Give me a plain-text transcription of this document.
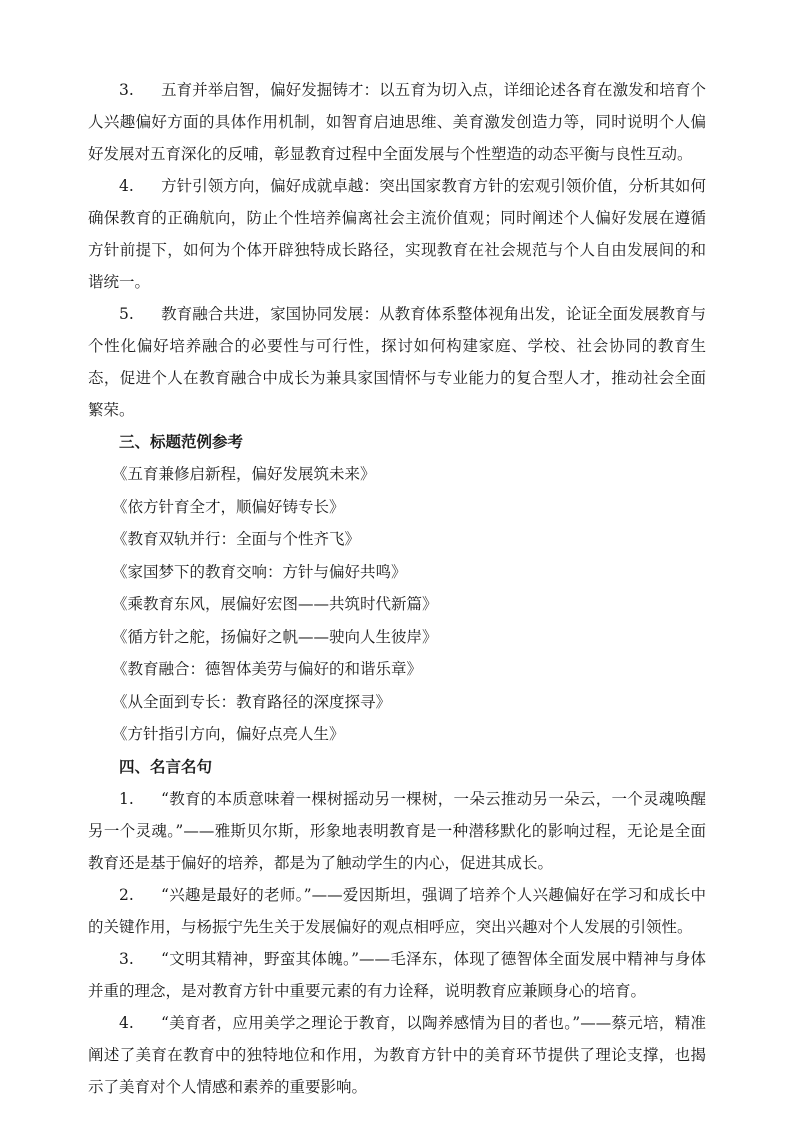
3. 五育并举启智，偏好发掘铸才：以五育为切入点，详细论述各育在激发和培育个人兴趣偏好方面的具体作用机制，如智育启迪思维、美育激发创造力等，同时说明个人偏好发展对五育深化的反哺，彰显教育过程中全面发展与个性塑造的动态平衡与良性互动。

4. 方针引领方向，偏好成就卓越：突出国家教育方针的宏观引领价值，分析其如何确保教育的正确航向，防止个性培养偏离社会主流价值观；同时阐述个人偏好发展在遵循方针前提下，如何为个体开辟独特成长路径，实现教育在社会规范与个人自由发展间的和谐统一。

5. 教育融合共进，家国协同发展：从教育体系整体视角出发，论证全面发展教育与个性化偏好培养融合的必要性与可行性，探讨如何构建家庭、学校、社会协同的教育生态，促进个人在教育融合中成长为兼具家国情怀与专业能力的复合型人才，推动社会全面繁荣。

三、标题范例参考

《五育兼修启新程，偏好发展筑未来》

《依方针育全才，顺偏好铸专长》

《教育双轨并行：全面与个性齐飞》

《家国梦下的教育交响：方针与偏好共鸣》

《乘教育东风，展偏好宏图——共筑时代新篇》

《循方针之舵，扬偏好之帆——驶向人生彼岸》

《教育融合：德智体美劳与偏好的和谐乐章》

《从全面到专长：教育路径的深度探寻》

《方针指引方向，偏好点亮人生》

四、名言名句

1. “教育的本质意味着一棵树摇动另一棵树，一朵云推动另一朵云，一个灵魂唤醒另一个灵魂。”——雅斯贝尔斯，形象地表明教育是一种潜移默化的影响过程，无论是全面教育还是基于偏好的培养，都是为了触动学生的内心，促进其成长。

2. “兴趣是最好的老师。”——爱因斯坦，强调了培养个人兴趣偏好在学习和成长中的关键作用，与杨振宁先生关于发展偏好的观点相呼应，突出兴趣对个人发展的引领性。

3. “文明其精神，野蛮其体魄。”——毛泽东，体现了德智体全面发展中精神与身体并重的理念，是对教育方针中重要元素的有力诠释，说明教育应兼顾身心的培育。

4. “美育者，应用美学之理论于教育，以陶养感情为目的者也。”——蔡元培，精准阐述了美育在教育中的独特地位和作用，为教育方针中的美育环节提供了理论支撑，也揭示了美育对个人情感和素养的重要影响。
